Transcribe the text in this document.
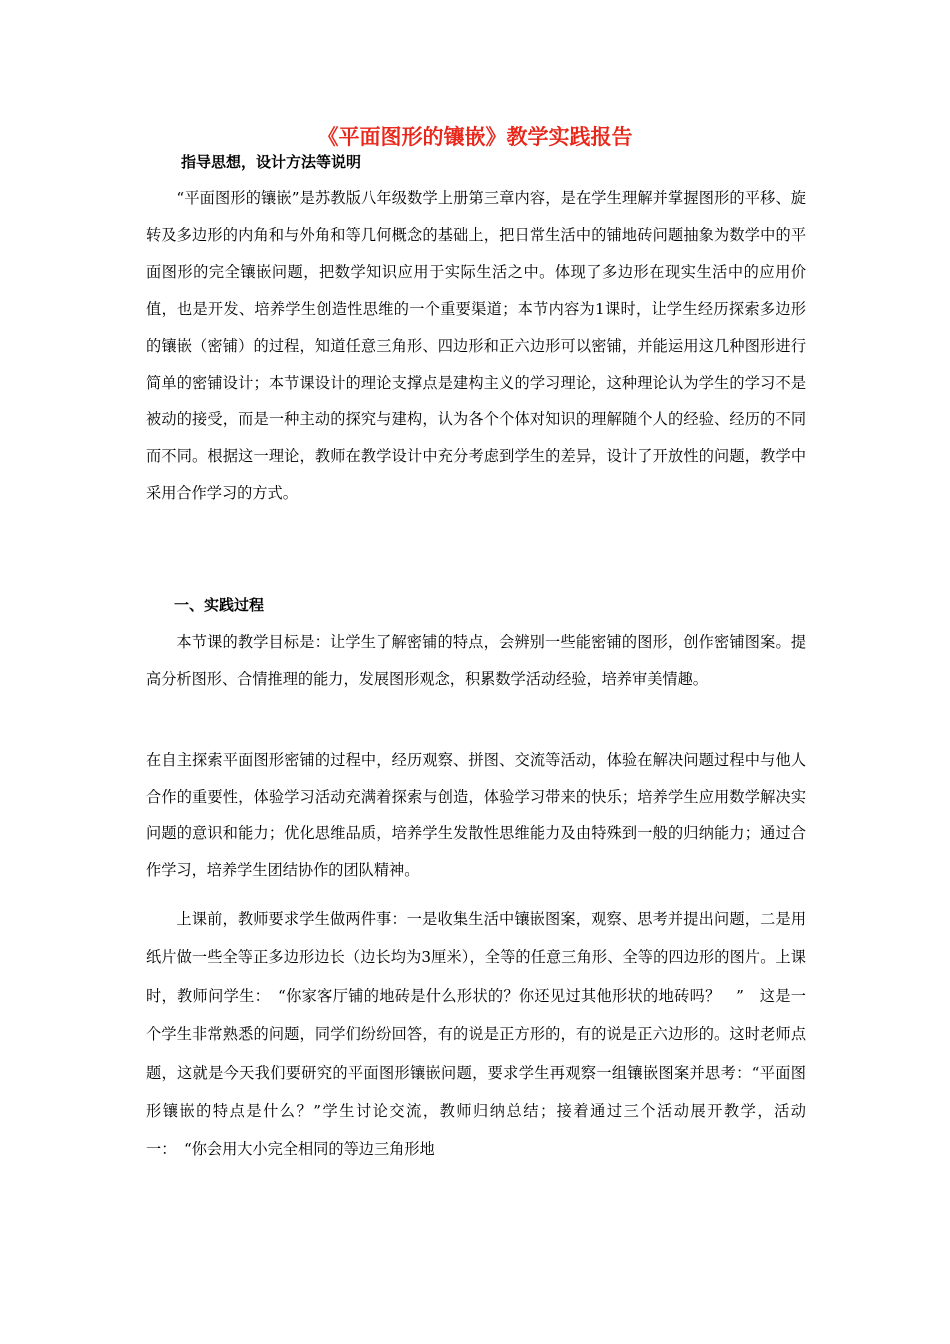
《平面图形的镶嵌》教学实践报告
指导思想，设计方法等说明
“平面图形的镶嵌”是苏教版八年级数学上册第三章内容，是在学生理解并掌握图形的平移、旋转及多边形的内角和与外角和等几何概念的基础上，把日常生活中的铺地砖问题抽象为数学中的平面图形的完全镶嵌问题，把数学知识应用于实际生活之中。体现了多边形在现实生活中的应用价值，也是开发、培养学生创造性思维的一个重要渠道；本节内容为1课时，让学生经历探索多边形的镶嵌（密铺）的过程，知道任意三角形、四边形和正六边形可以密铺，并能运用这几种图形进行简单的密铺设计；本节课设计的理论支撑点是建构主义的学习理论，这种理论认为学生的学习不是被动的接受，而是一种主动的探究与建构，认为各个个体对知识的理解随个人的经验、经历的不同而不同。根据这一理论，教师在教学设计中充分考虑到学生的差异，设计了开放性的问题，教学中采用合作学习的方式。
一、实践过程
本节课的教学目标是：让学生了解密铺的特点，会辨别一些能密铺的图形，创作密铺图案。提高分析图形、合情推理的能力，发展图形观念，积累数学活动经验，培养审美情趣。
在自主探索平面图形密铺的过程中，经历观察、拼图、交流等活动，体验在解决问题过程中与他人合作的重要性，体验学习活动充满着探索与创造，体验学习带来的快乐；培养学生应用数学解决实问题的意识和能力；优化思维品质，培养学生发散性思维能力及由特殊到一般的归纳能力；通过合作学习，培养学生团结协作的团队精神。
上课前，教师要求学生做两件事：一是收集生活中镶嵌图案，观察、思考并提出问题，二是用纸片做一些全等正多边形边长（边长均为3厘米），全等的任意三角形、全等的四边形的图片。上课时，教师问学生：　“你家客厅铺的地砖是什么形状的？你还见过其他形状的地砖吗？　”　这是一个学生非常熟悉的问题，同学们纷纷回答，有的说是正方形的，有的说是正六边形的。这时老师点题，这就是今天我们要研究的平面图形镶嵌问题，要求学生再观察一组镶嵌图案并思考：“平面图形镶嵌的特点是什么？”学生讨论交流，教师归纳总结；接着通过三个活动展开教学，活动一：　“你会用大小完全相同的等边三角形地
